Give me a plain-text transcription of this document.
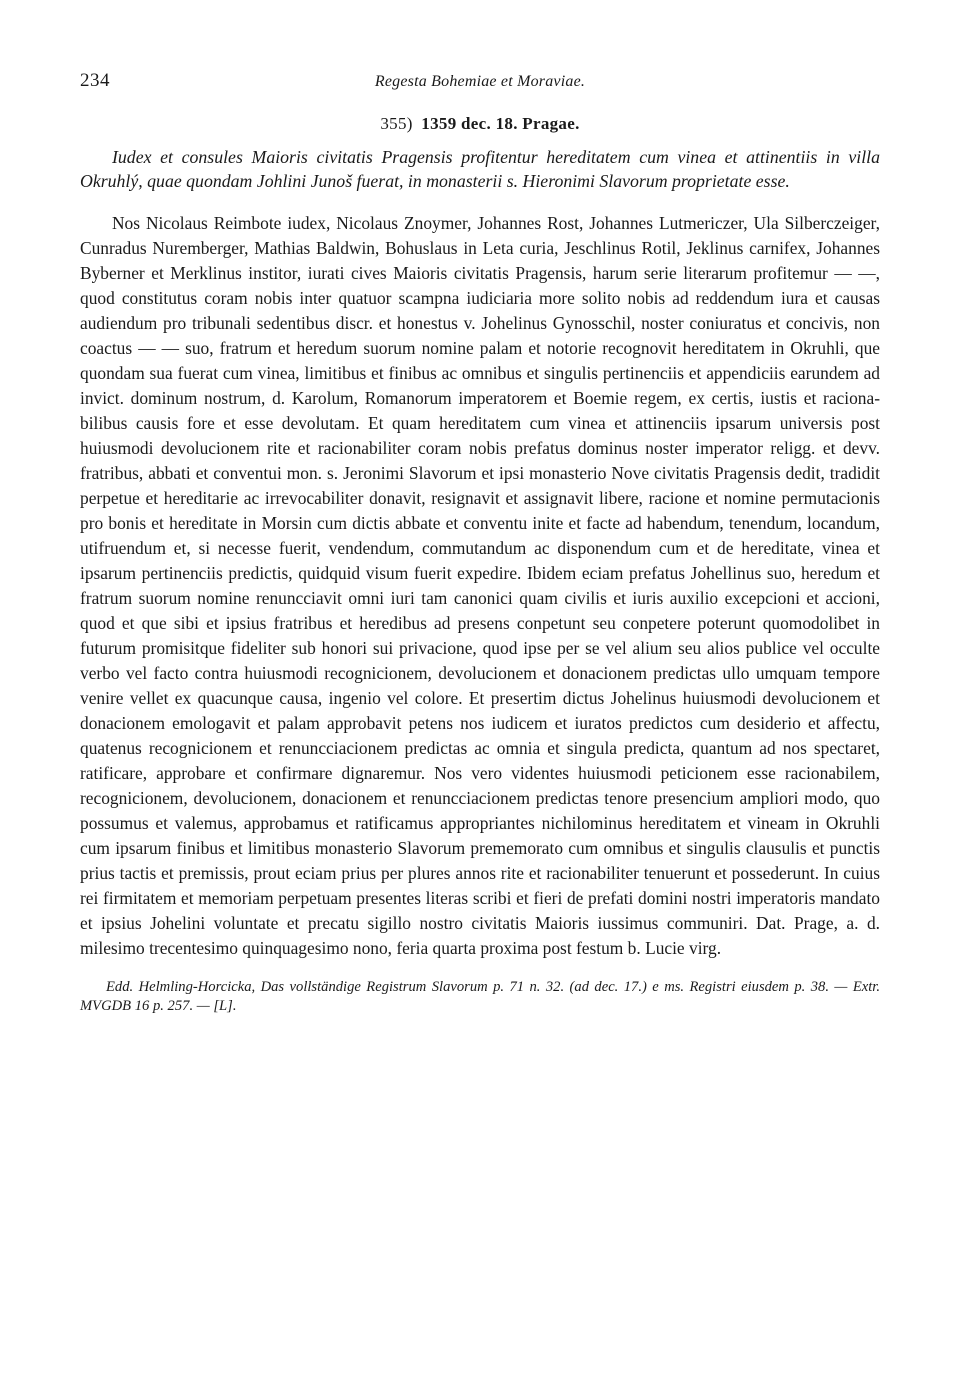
234	Regesta Bohemiae et Moraviae.
355) 1359 dec. 18. Pragae.

Iudex et consules Maioris civitatis Pragensis profitentur hereditatem cum vinea et attinentiis in villa Okruhlý, quae quondam Johlini Junoš fuerat, in monasterii s. Hieronimi Slavorum proprietate esse.

Nos Nicolaus Reimbote iudex, Nicolaus Znoymer, Johannes Rost, Johannes Lutmericzer, Ula Silberczeiger, Cunradus Nuremberger, Mathias Baldwin, Bohuslaus in Leta curia, Jeschlinus Rotil, Jeklinus carnifex, Johannes Byberner et Merklinus institor, iurati cives Maioris civitatis Pragensis, harum serie literarum profitemur — —, quod constitutus coram nobis inter quatuor scampna iudiciaria more solito nobis ad reddendum iura et causas audiendum pro tribunali sedentibus discr. et honestus v. Johelinus Gynosschil, noster coniuratus et concivis, non coactus — — suo, fratrum et heredum suorum nomine palam et notorie recognovit hereditatem in Okruhli, que quondam sua fuerat cum vinea, limitibus et finibus ac omnibus et singulis pertinenciis et appendiciis earundem ad invict. dominum nostrum, d. Karolum, Romanorum imperatorem et Boemie regem, ex certis, iustis et racionabilibus causis fore et esse devolutam. Et quam hereditatem cum vinea et attinenciis ipsarum universis post huiusmodi devolucionem rite et racionabiliter coram nobis prefatus dominus noster imperator religg. et devv. fratribus, abbati et conventui mon. s. Jeronimi Slavorum et ipsi monasterio Nove civitatis Pragensis dedit, tradidit perpetue et hereditarie ac irrevocabiliter donavit, resignavit et assignavit libere, racione et nomine permutacionis pro bonis et hereditate in Morsin cum dictis abbate et conventu inite et facte ad habendum, tenendum, locandum, utifruendum et, si necesse fuerit, vendendum, commutandum ac disponendum cum et de hereditate, vinea et ipsarum pertinenciis predictis, quidquid visum fuerit expedire. Ibidem eciam prefatus Johellinus suo, heredum et fratrum suorum nomine renuncciavit omni iuri tam canonici quam civilis et iuris auxilio excepcioni et accioni, quod et que sibi et ipsius fratribus et heredibus ad presens conpetunt seu conpetere poterunt quomodolibet in futurum promisitque fideliter sub honori sui privacione, quod ipse per se vel alium seu alios publice vel occulte verbo vel facto contra huiusmodi recognicionem, devolucionem et donacionem predictas ullo umquam tempore venire vellet ex quacunque causa, ingenio vel colore. Et presertim dictus Johelinus huiusmodi devolucionem et donacionem emologavit et palam approbavit petens nos iudicem et iuratos predictos cum desiderio et affectu, quatenus recognicionem et renuncciacionem predictas ac omnia et singula predicta, quantum ad nos spectaret, ratificare, approbare et confirmare dignaremur. Nos vero videntes huiusmodi peticionem esse racionabilem, recognicionem, devolucionem, donacionem et renuncciacionem predictas tenore presencium ampliori modo, quo possumus et valemus, approbamus et ratificamus appropriantes nichilominus hereditatem et vineam in Okruhli cum ipsarum finibus et limitibus monasterio Slavorum prememorato cum omnibus et singulis clausulis et punctis prius tactis et premissis, prout eciam prius per plures annos rite et racionabiliter tenuerunt et possederunt. In cuius rei firmitatem et memoriam perpetuam presentes literas scribi et fieri de prefati domini nostri imperatoris mandato et ipsius Johelini voluntate et precatu sigillo nostro civitatis Maioris iussimus communiri. Dat. Prage, a. d. milesimo trecentesimo quinquagesimo nono, feria quarta proxima post festum b. Lucie virg.

Edd. Helmling-Horcicka, Das vollständige Registrum Slavorum p. 71 n. 32. (ad dec. 17.) e ms. Registri eiusdem p. 38. — Extr. MVGDB 16 p. 257. — [L].
